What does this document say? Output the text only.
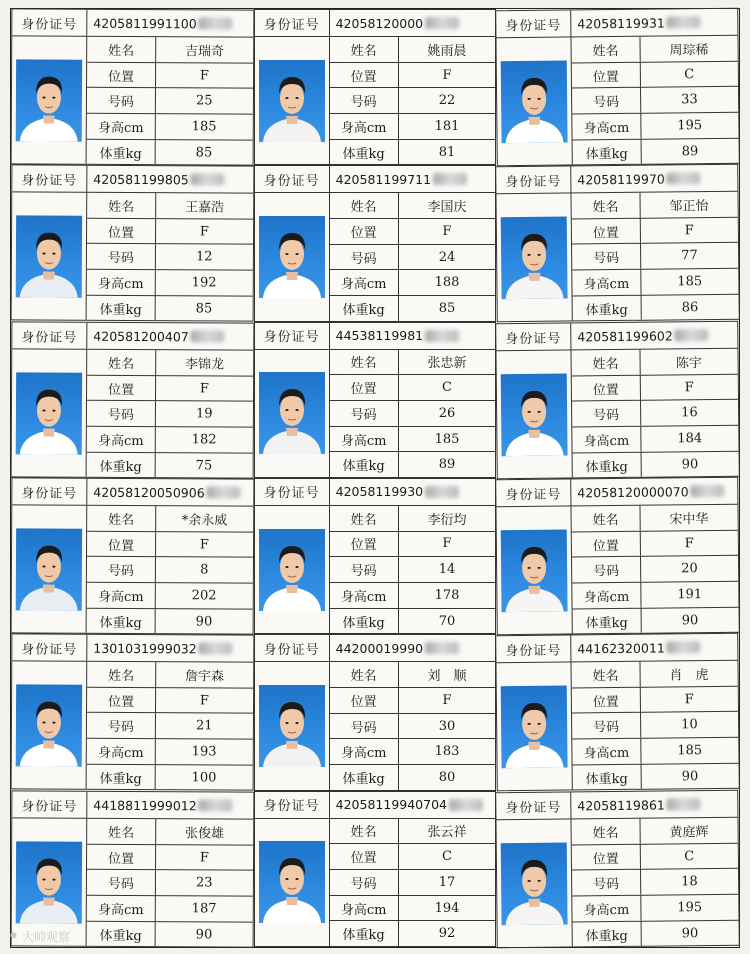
身份证号	4205811991100
姓名	吉瑞奇
位置	F
号码	25
身高cm	185
体重kg	85
身份证号	42058120000
姓名	姚雨晨
位置	F
号码	22
身高cm	181
体重kg	81
身份证号	42058119931
姓名	周琮稀
位置	C
号码	33
身高cm	195
体重kg	89
身份证号	420581199805
姓名	王嘉浩
位置	F
号码	12
身高cm	192
体重kg	85
身份证号	420581199711
姓名	李国庆
位置	F
号码	24
身高cm	188
体重kg	85
身份证号	42058119970
姓名	邹正怡
位置	F
号码	77
身高cm	185
体重kg	86
身份证号	420581200407
姓名	李锦龙
位置	F
号码	19
身高cm	182
体重kg	75
身份证号	44538119981
姓名	张忠新
位置	C
号码	26
身高cm	185
体重kg	89
身份证号	420581199602
姓名	陈宇
位置	F
号码	16
身高cm	184
体重kg	90
身份证号	42058120050906
姓名	*余永威
位置	F
号码	8
身高cm	202
体重kg	90
身份证号	42058119930
姓名	李衍均
位置	F
号码	14
身高cm	178
体重kg	70
身份证号	42058120000070
姓名	宋中华
位置	F
号码	20
身高cm	191
体重kg	90
身份证号	1301031999032
姓名	詹宇森
位置	F
号码	21
身高cm	193
体重kg	100
身份证号	44200019990
姓名	刘　顺
位置	F
号码	30
身高cm	183
体重kg	80
身份证号	44162320011
姓名	肖　虎
位置	F
号码	10
身高cm	185
体重kg	90
身份证号	4418811999012
姓名	张俊雄
位置	F
号码	23
身高cm	187
体重kg	90
身份证号	42058119940704
姓名	张云祥
位置	C
号码	17
身高cm	194
体重kg	92
身份证号	42058119861
姓名	黄庭辉
位置	C
号码	18
身高cm	195
体重kg	90
⚫ 大帅观察
